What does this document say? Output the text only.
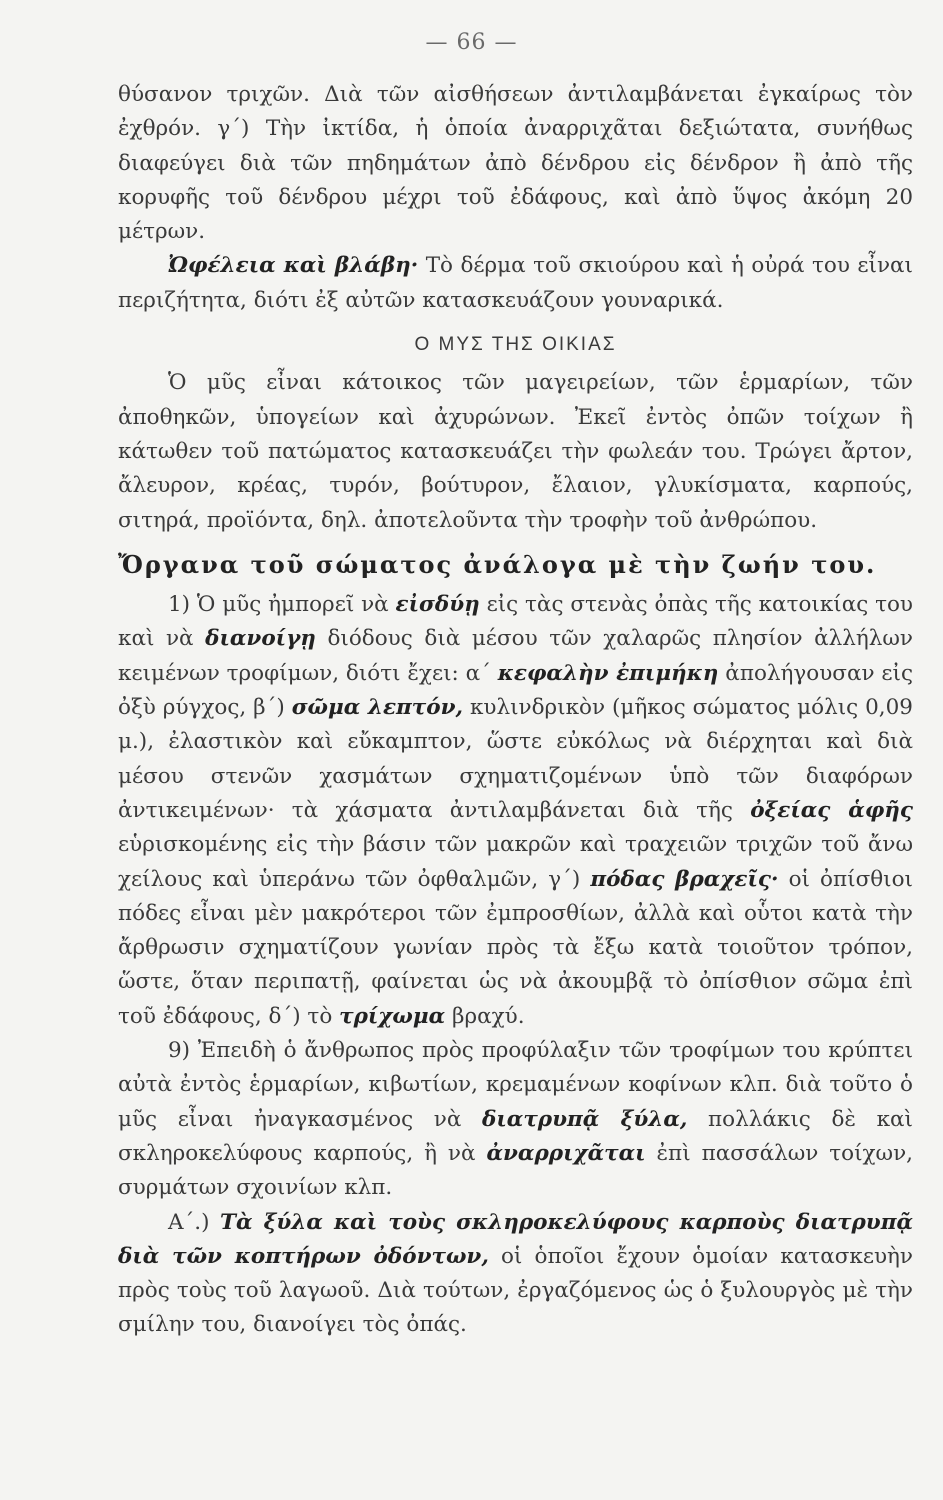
— 66 —

θύσανον τριχῶν. Διὰ τῶν αἰσθήσεων ἀντιλαμβάνεται ἐγκαίρως τὸν ἐχθρόν. γ΄) Τὴν ἰκτίδα, ἡ ὁποία ἀναρριχᾶται δεξιώτατα, συνήθως διαφεύγει διὰ τῶν πηδημάτων ἀπὸ δένδρου εἰς δένδρον ἢ ἀπὸ τῆς κορυφῆς τοῦ δένδρου μέχρι τοῦ ἐδάφους, καὶ ἀπὸ ὕψος ἀκόμη 20 μέτρων.

Ὠφέλεια καὶ βλάβη· Τὸ δέρμα τοῦ σκιούρου καὶ ἡ οὐρά του εἶναι περιζήτητα, διότι ἐξ αὐτῶν κατασκευάζουν γουναρικά.

Ο ΜΥΣ ΤΗΣ ΟΙΚΙΑΣ

Ὁ μῦς εἶναι κάτοικος τῶν μαγειρείων, τῶν ἑρμαρίων, τῶν ἀποθηκῶν, ὑπογείων καὶ ἀχυρώνων. Ἐκεῖ ἐντὸς ὀπῶν τοίχων ἢ κάτωθεν τοῦ πατώματος κατασκευάζει τὴν φωλεάν του. Τρώγει ἄρτον, ἄλευρον, κρέας, τυρόν, βούτυρον, ἔλαιον, γλυκίσματα, καρπούς, σιτηρά, προϊόντα, δηλ. ἀποτελοῦντα τὴν τροφὴν τοῦ ἀνθρώπου.

Ὄργανα τοῦ σώματος ἀνάλογα μὲ τὴν ζωήν του.

1) Ὁ μῦς ἠμπορεῖ νὰ εἰσδύῃ εἰς τὰς στενὰς ὀπὰς τῆς κατοικίας του καὶ νὰ διανοίγῃ διόδους διὰ μέσου τῶν χαλαρῶς πλησίον ἀλλήλων κειμένων τροφίμων, διότι ἔχει: α΄ κεφαλὴν ἐπιμήκη ἀπολήγουσαν εἰς ὀξὺ ρύγχος, β΄) σῶμα λεπτόν, κυλινδρικὸν (μῆκος σώματος μόλις 0,09 μ.), ἐλαστικὸν καὶ εὔκαμπτον, ὥστε εὐκόλως νὰ διέρχηται καὶ διὰ μέσου στενῶν χασμάτων σχηματιζομένων ὑπὸ τῶν διαφόρων ἀντικειμένων· τὰ χάσματα ἀντιλαμβάνεται διὰ τῆς ὀξείας ἁφῆς εὑρισκομένης εἰς τὴν βάσιν τῶν μακρῶν καὶ τραχειῶν τριχῶν τοῦ ἄνω χείλους καὶ ὑπεράνω τῶν ὀφθαλμῶν, γ΄) πόδας βραχεῖς· οἱ ὀπίσθιοι πόδες εἶναι μὲν μακρότεροι τῶν ἐμπροσθίων, ἀλλὰ καὶ οὗτοι κατὰ τὴν ἄρθρωσιν σχηματίζουν γωνίαν πρὸς τὰ ἔξω κατὰ τοιοῦτον τρόπον, ὥστε, ὅταν περιπατῇ, φαίνεται ὡς νὰ ἀκουμβᾷ τὸ ὀπίσθιον σῶμα ἐπὶ τοῦ ἐδάφους, δ΄) τὸ τρίχωμα βραχύ.

9) Ἐπειδὴ ὁ ἄνθρωπος πρὸς προφύλαξιν τῶν τροφίμων του κρύπτει αὐτὰ ἐντὸς ἑρμαρίων, κιβωτίων, κρεμαμένων κοφίνων κλπ. διὰ τοῦτο ὁ μῦς εἶναι ἠναγκασμένος νὰ διατρυπᾷ ξύλα, πολλάκις δὲ καὶ σκληροκελύφους καρπούς, ἢ νὰ ἀναρριχᾶται ἐπὶ πασσάλων τοίχων, συρμάτων σχοινίων κλπ.

Α΄.) Τὰ ξύλα καὶ τοὺς σκληροκελύφους καρποὺς διατρυπᾷ διὰ τῶν κοπτήρων ὀδόντων, οἱ ὁποῖοι ἔχουν ὁμοίαν κατασκευὴν πρὸς τοὺς τοῦ λαγωοῦ. Διὰ τούτων, ἐργαζόμενος ὡς ὁ ξυλουργὸς μὲ τὴν σμίλην του, διανοίγει τὸς ὀπάς.
